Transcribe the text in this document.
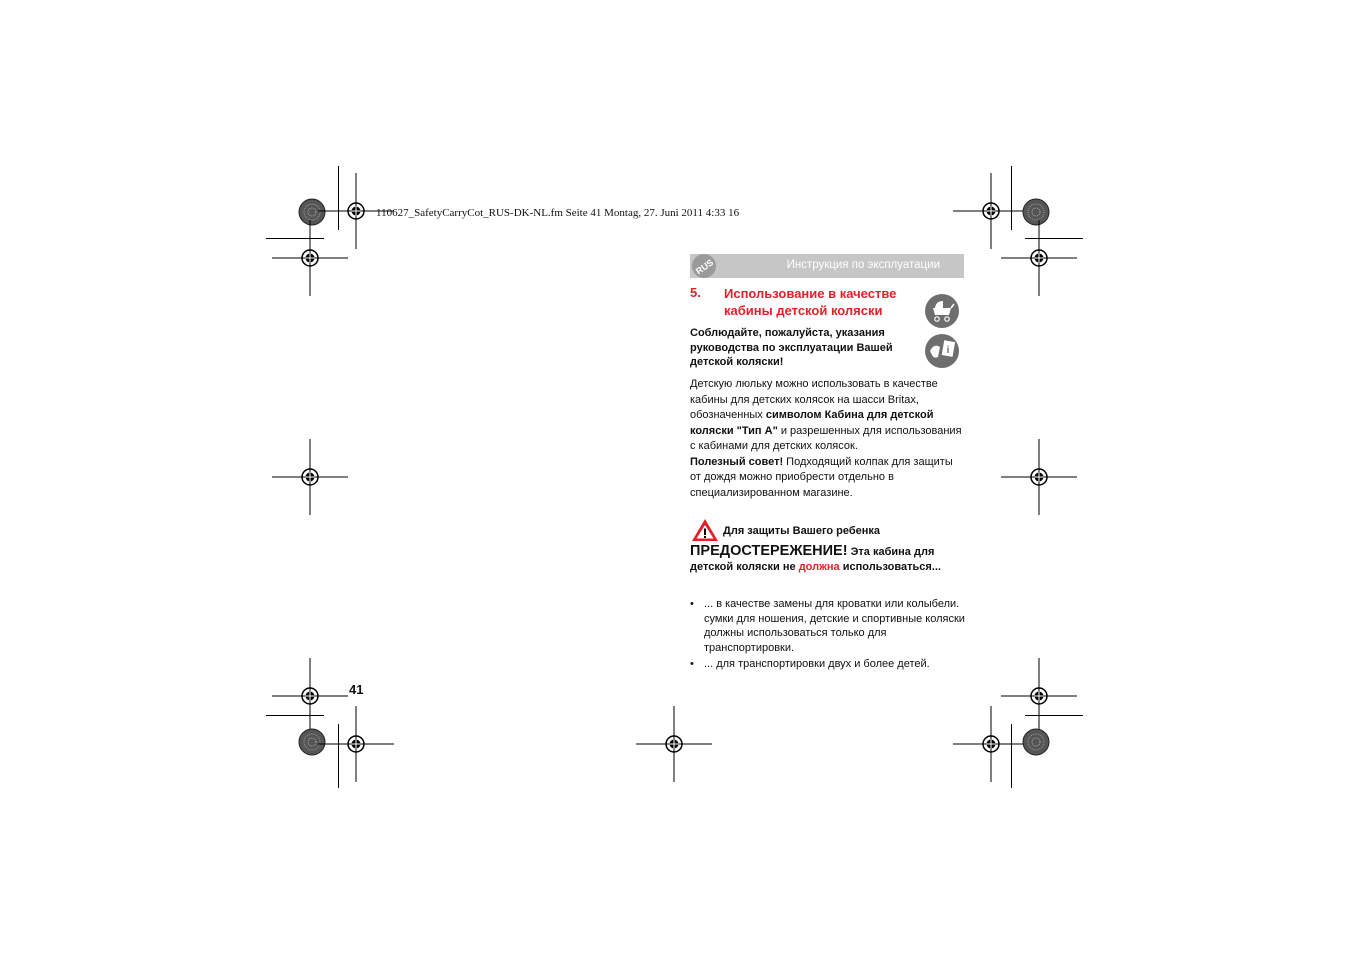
110627_SafetyCarryCot_RUS-DK-NL.fm Seite 41 Montag, 27. Juni 2011 4:33 16
Инструкция по эксплуатации
RUS
5. Использование в качестве кабины детской коляски
i
Соблюдайте, пожалуйста, указания руководства по эксплуатации Вашей детской коляски!
Детскую люльку можно использовать в качестве кабины для детских колясок на шасси Britax, обозначенных символом Кабина для детской коляски "Тип A" и разрешенных для использования с кабинами для детских колясок.
Полезный совет! Подходящий колпак для защиты от дождя можно приобрести отдельно в специализированном магазине.
Для защиты Вашего ребенка
ПРЕДОСТЕРЕЖЕНИЕ! Эта кабина для детской коляски не должна использоваться...
• ... в качестве замены для кроватки или колыбели.
сумки для ношения, детские и спортивные коляски должны использоваться только для транспортировки.
• ... для транспортировки двух и более детей.
41
